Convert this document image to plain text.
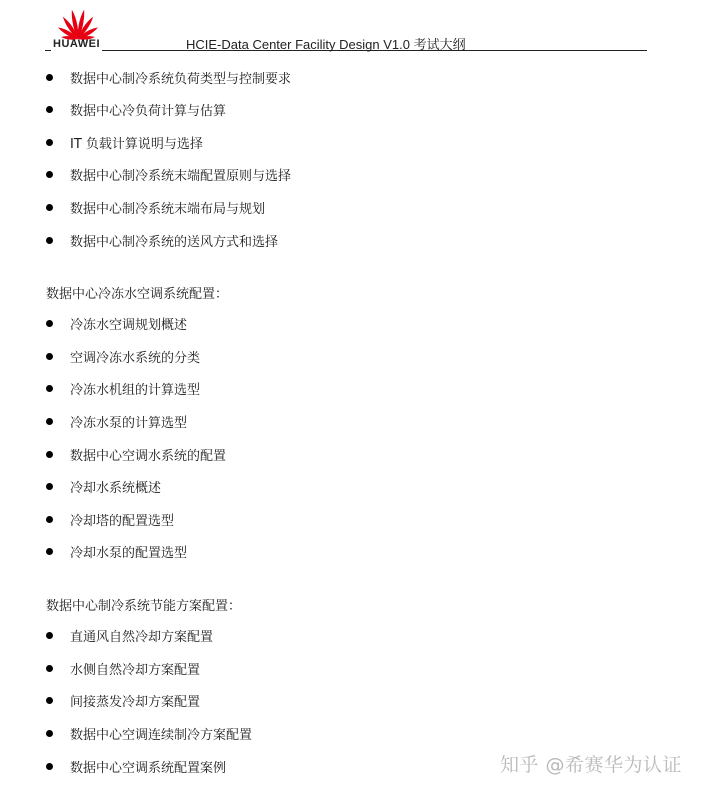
HUAWEI	HCIE-Data Center Facility Design V1.0 考试大纲
数据中心制冷系统负荷类型与控制要求
数据中心冷负荷计算与估算
IT 负载计算说明与选择
数据中心制冷系统末端配置原则与选择
数据中心制冷系统末端布局与规划
数据中心制冷系统的送风方式和选择
数据中心冷冻水空调系统配置：
冷冻水空调规划概述
空调冷冻水系统的分类
冷冻水机组的计算选型
冷冻水泵的计算选型
数据中心空调水系统的配置
冷却水系统概述
冷却塔的配置选型
冷却水泵的配置选型
数据中心制冷系统节能方案配置：
直通风自然冷却方案配置
水侧自然冷却方案配置
间接蒸发冷却方案配置
数据中心空调连续制冷方案配置
数据中心空调系统配置案例	知乎 @希赛华为认证
